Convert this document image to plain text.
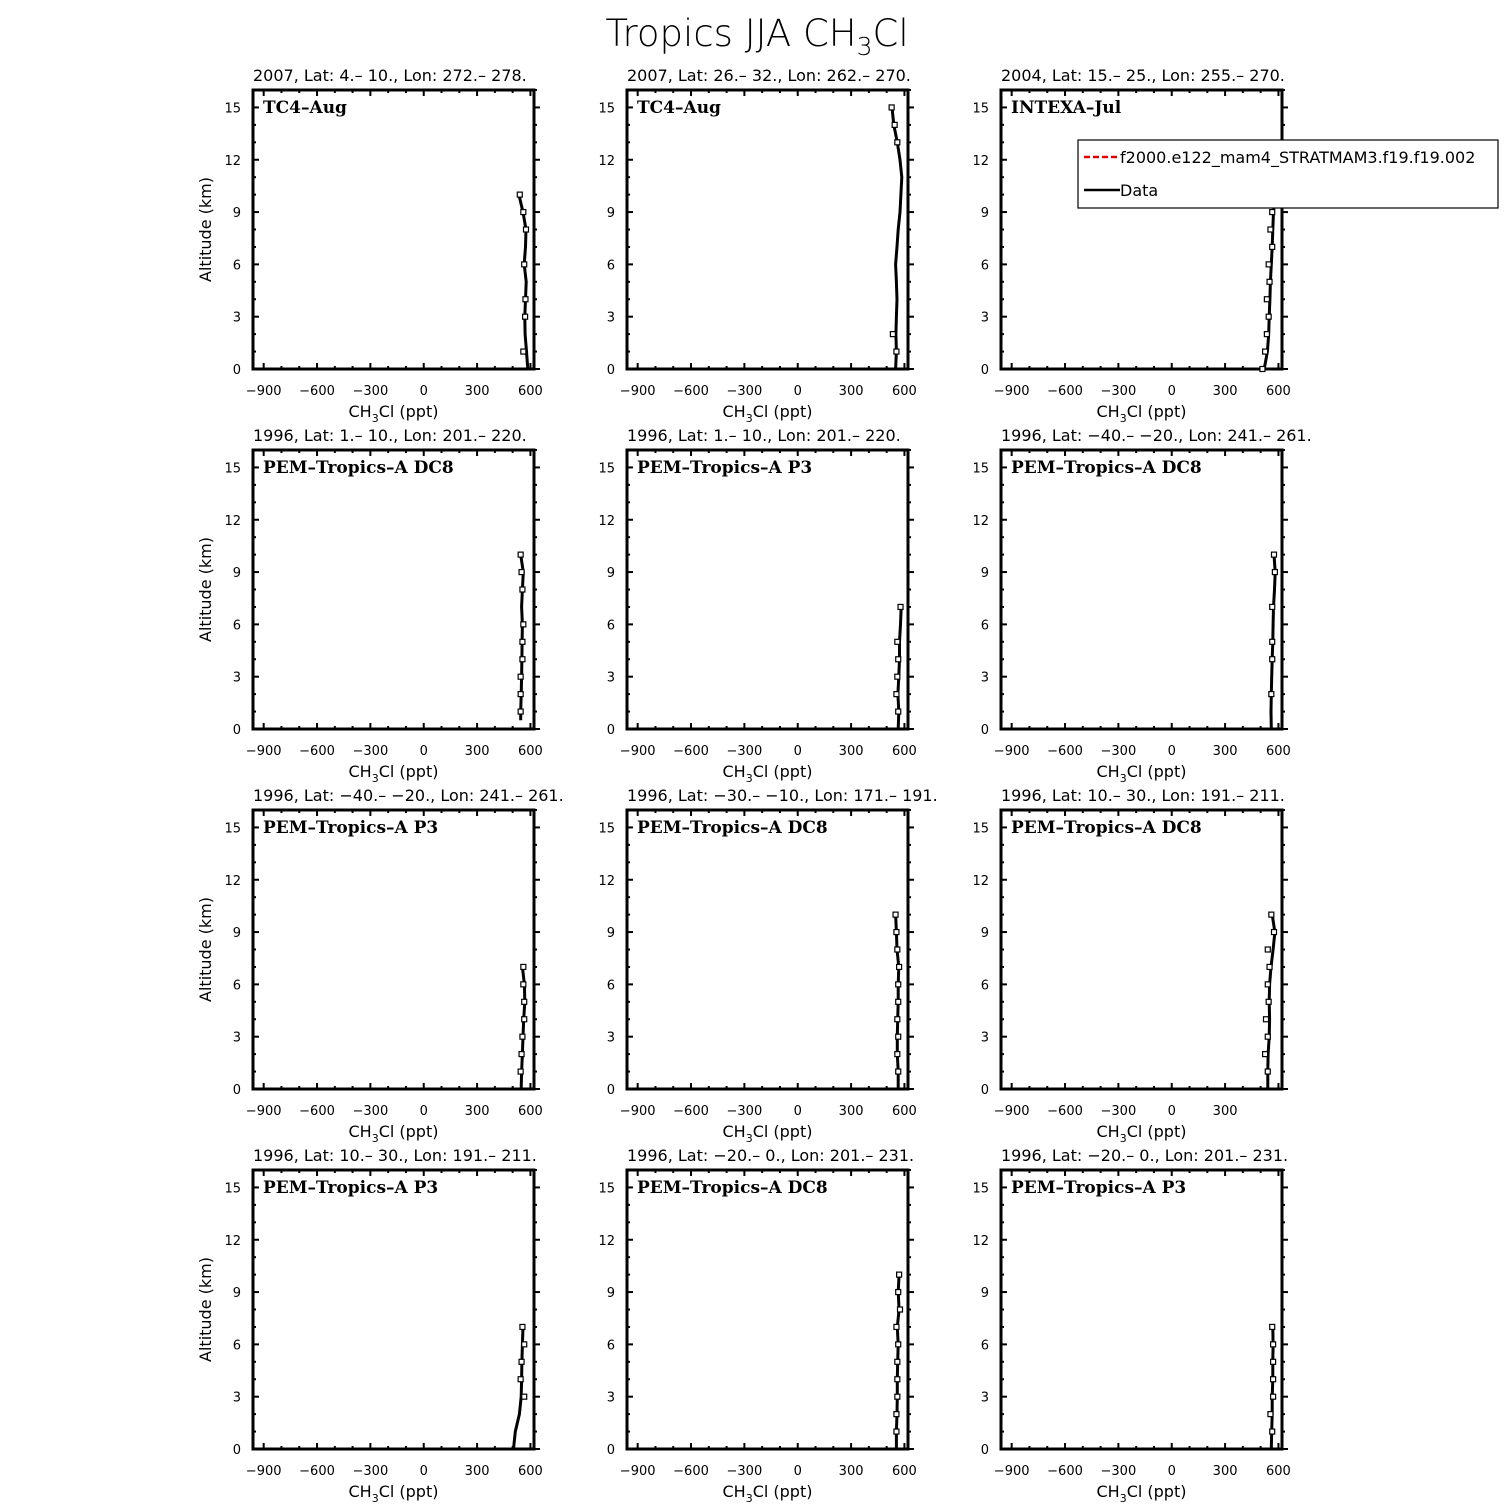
Tropics JJA $CH_3Cl$
0
3
6
9
12
15
−900 −600 −300 0	300 600
$CH_3Cl$ (ppt)
Altitude (km)
2007, Lat: 4.– 10., Lon: 272.– 278.
TC4–Aug
0
3
6
9
12
15
−900 −600 −300 0	300 600
$CH_3Cl$ (ppt)
2007, Lat: 26.– 32., Lon: 262.– 270.
TC4–Aug
0
3
6
9
12
15
−900 −600 −300 0	300 600
$CH_3Cl$ (ppt)
2004, Lat: 15.– 25., Lon: 255.– 270.
INTEXA–Jul
0
3
6
9
12
15
−900 −600 −300 0	300 600
$CH_3Cl$ (ppt)
Altitude (km)
1996, Lat: 1.– 10., Lon: 201.– 220.
PEM–Tropics–A DC8
0
3
6
9
12
15
−900 −600 −300 0	300 600
$CH_3Cl$ (ppt)
1996, Lat: 1.– 10., Lon: 201.– 220.
PEM–Tropics–A P3
0
3
6
9
12
15
−900 −600 −300 0	300 600
$CH_3Cl$ (ppt)
1996, Lat: −40.– −20., Lon: 241.– 261.
PEM–Tropics–A DC8
0
3
6
9
12
15
−900 −600 −300 0	300 600
$CH_3Cl$ (ppt)
Altitude (km)
1996, Lat: −40.– −20., Lon: 241.– 261.
PEM–Tropics–A P3
0
3
6
9
12
15
−900 −600 −300 0	300 600
$CH_3Cl$ (ppt)
1996, Lat: −30.– −10., Lon: 171.– 191.
PEM–Tropics–A DC8
0
3
6
9
12
15
−900 −600 −300 0	300
$CH_3Cl$ (ppt)
1996, Lat: 10.– 30., Lon: 191.– 211.
PEM–Tropics–A DC8
0
3
6
9
12
15
−900 −600 −300 0	300 600
$CH_3Cl$ (ppt)
Altitude (km)
1996, Lat: 10.– 30., Lon: 191.– 211.
PEM–Tropics–A P3
0
3
6
9
12
15
−900 −600 −300 0	300 600
$CH_3Cl$ (ppt)
1996, Lat: −20.– 0., Lon: 201.– 231.
PEM–Tropics–A DC8
0
3
6
9
12
15
−900 −600 −300 0	300 600
$CH_3Cl$ (ppt)
1996, Lat: −20.– 0., Lon: 201.– 231.
PEM–Tropics–A P3
f2000.e122_mam4_STRATMAM3.f19.f19.002
Data
